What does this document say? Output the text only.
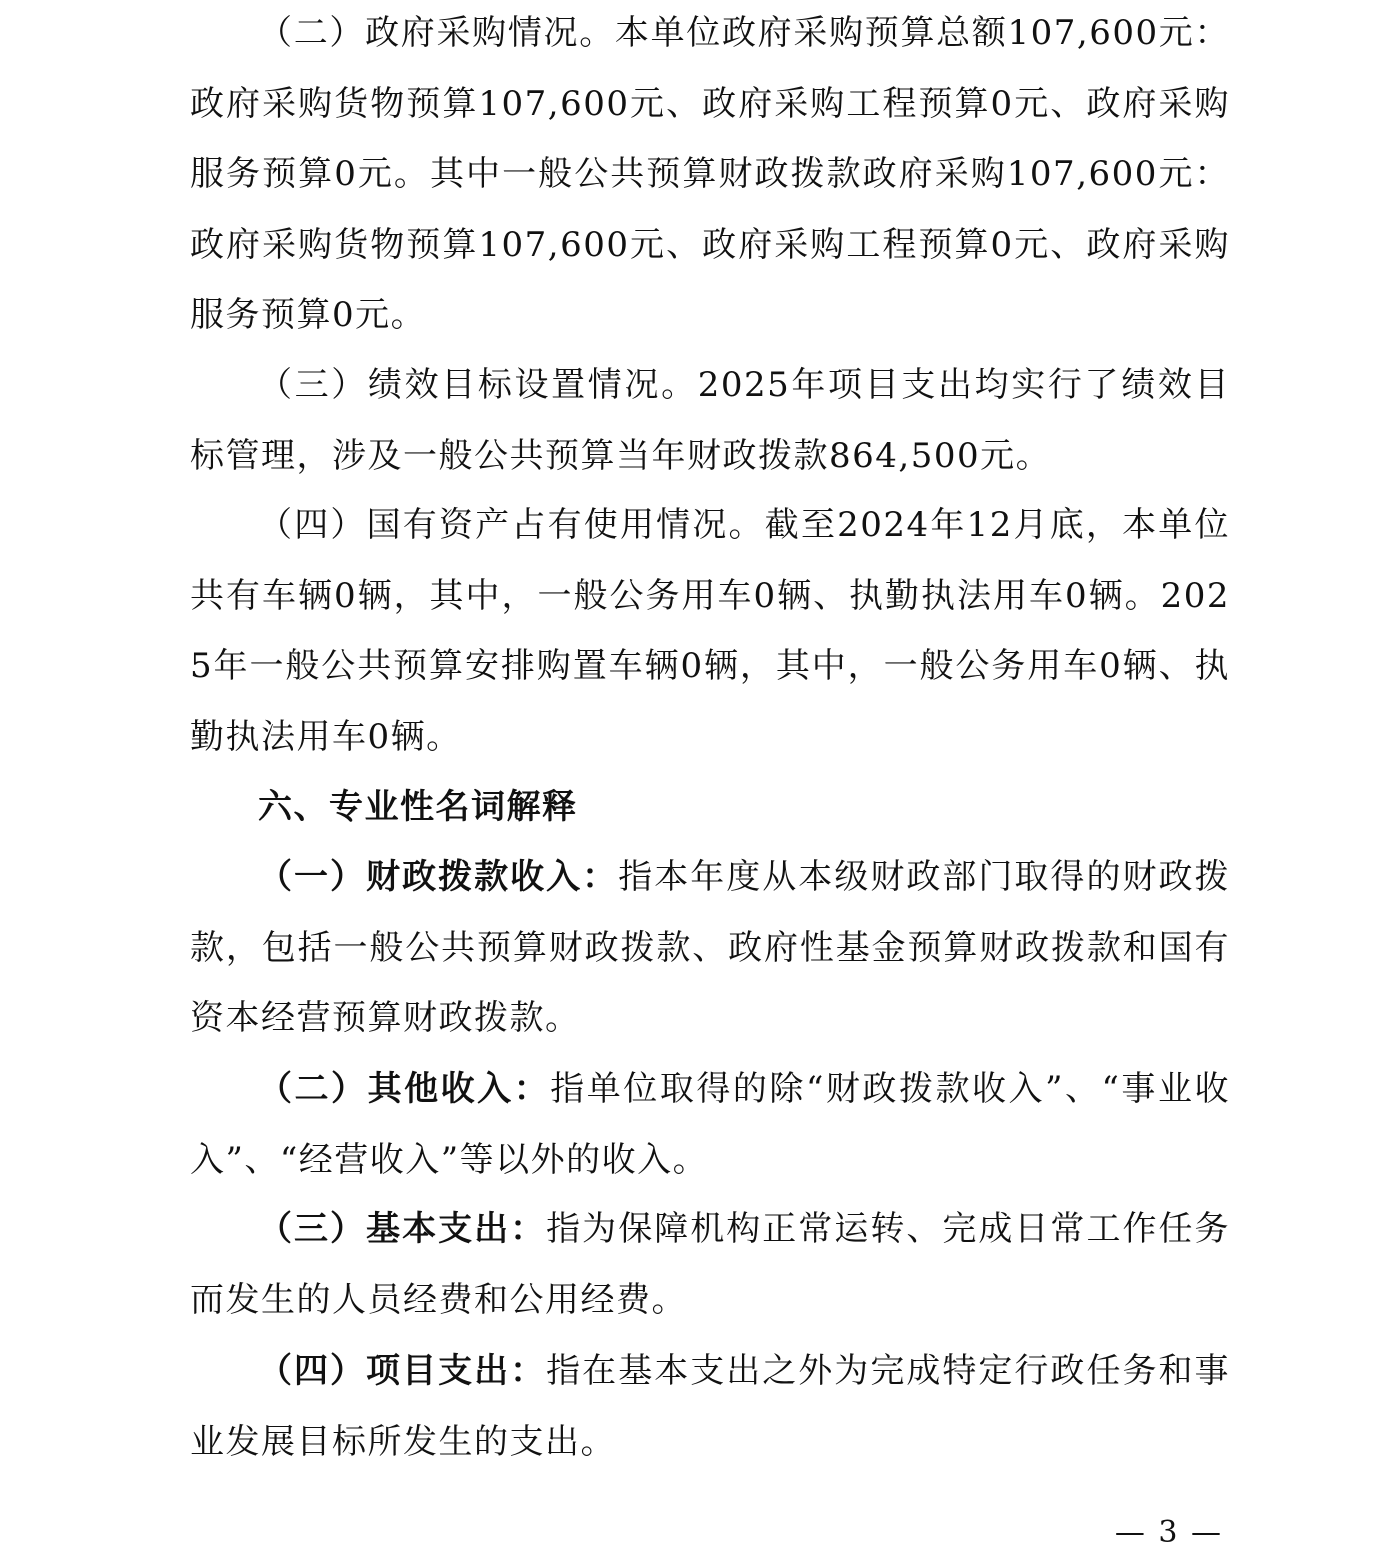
（二）政府采购情况。本单位政府采购预算总额107,600元：政府采购货物预算107,600元、政府采购工程预算0元、政府采购服务预算0元。其中一般公共预算财政拨款政府采购107,600元：政府采购货物预算107,600元、政府采购工程预算0元、政府采购服务预算0元。

（三）绩效目标设置情况。2025年项目支出均实行了绩效目标管理，涉及一般公共预算当年财政拨款864,500元。

（四）国有资产占有使用情况。截至2024年12月底，本单位共有车辆0辆，其中，一般公务用车0辆、执勤执法用车0辆。2025年一般公共预算安排购置车辆0辆，其中，一般公务用车0辆、执勤执法用车0辆。

六、专业性名词解释

（一）财政拨款收入：指本年度从本级财政部门取得的财政拨款，包括一般公共预算财政拨款、政府性基金预算财政拨款和国有资本经营预算财政拨款。

（二）其他收入：指单位取得的除“财政拨款收入”、“事业收入”、“经营收入”等以外的收入。

（三）基本支出：指为保障机构正常运转、完成日常工作任务而发生的人员经费和公用经费。

（四）项目支出：指在基本支出之外为完成特定行政任务和事业发展目标所发生的支出。

— 3 —
